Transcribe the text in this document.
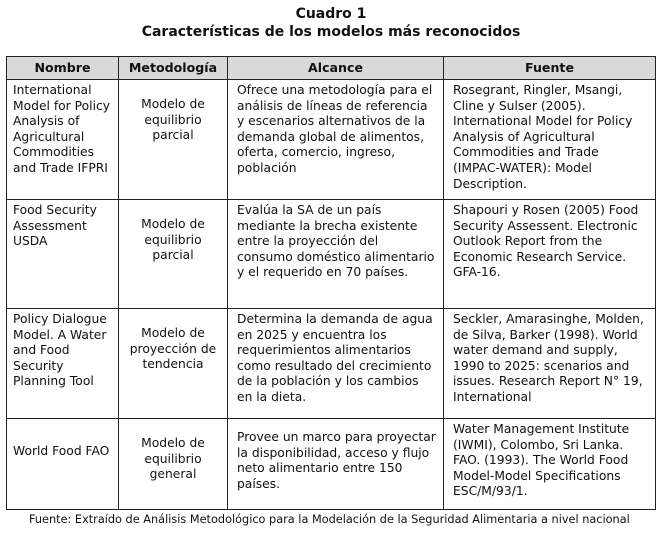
Cuadro 1
Características de los modelos más reconocidos
Nombre	Metodología	Alcance	Fuente
International Model for Policy Analysis of Agricultural Commodities and Trade IFPRI	Modelo de equilibrio parcial	Ofrece una metodología para el análisis de líneas de referencia y escenarios alternativos de la demanda global de alimentos, oferta, comercio, ingreso, población	Rosegrant, Ringler, Msangi, Cline y Sulser (2005). International Model for Policy Analysis of Agricultural Commodities and Trade (IMPAC-WATER): Model Description.
Food Security Assessment USDA	Modelo de equilibrio parcial	Evalúa la SA de un país mediante la brecha existente entre la proyección del consumo doméstico alimentario y el requerido en 70 países.	Shapouri y Rosen (2005) Food Security Assessent. Electronic Outlook Report from the Economic Research Service. GFA-16.
Policy Dialogue Model. A Water and Food Security Planning Tool	Modelo de proyección de tendencia	Determina la demanda de agua en 2025 y encuentra los requerimientos alimentarios como resultado del crecimiento de la población y los cambios en la dieta.	Seckler, Amarasinghe, Molden, de Silva, Barker (1998). World water demand and supply, 1990 to 2025: scenarios and issues. Research Report N° 19, International

World Food FAO	Modelo de equilibrio general	Provee un marco para proyectar la disponibilidad, acceso y flujo neto alimentario entre 150 países.	Water Management Institute (IWMI), Colombo, Sri Lanka. FAO. (1993). The World Food Model-Model Specifications ESC/M/93/1.
Fuente: Extraído de Análisis Metodológico para la Modelación de la Seguridad Alimentaria a nivel nacional
